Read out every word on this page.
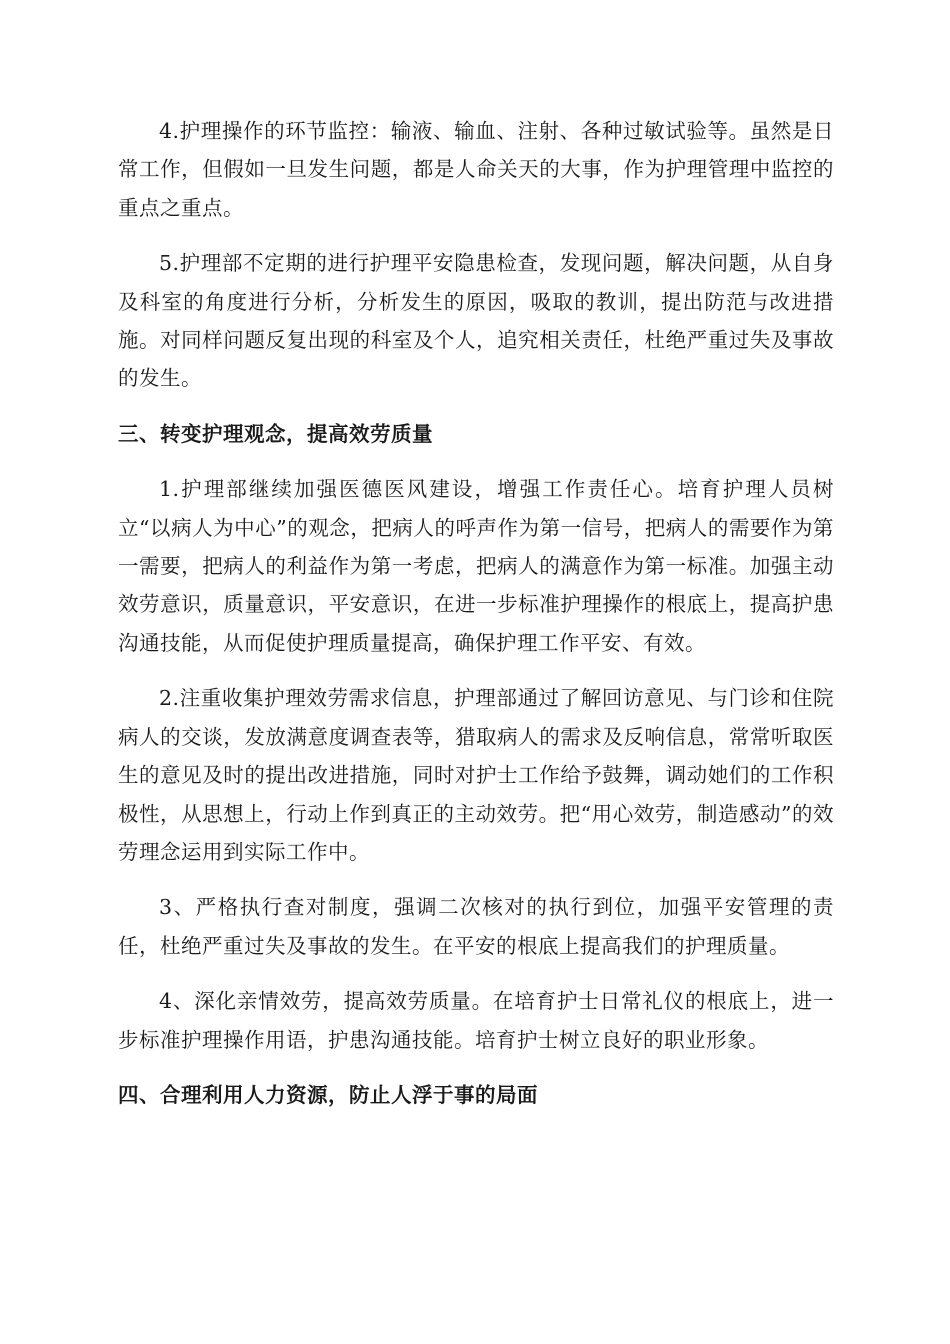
4.护理操作的环节监控：输液、输血、注射、各种过敏试验等。虽然是日常工作，但假如一旦发生问题，都是人命关天的大事，作为护理管理中监控的重点之重点。

5.护理部不定期的进行护理平安隐患检查，发现问题，解决问题，从自身及科室的角度进行分析，分析发生的原因，吸取的教训，提出防范与改进措施。对同样问题反复出现的科室及个人，追究相关责任，杜绝严重过失及事故的发生。

三、转变护理观念，提高效劳质量

1.护理部继续加强医德医风建设，增强工作责任心。培育护理人员树立“以病人为中心”的观念，把病人的呼声作为第一信号，把病人的需要作为第一需要，把病人的利益作为第一考虑，把病人的满意作为第一标准。加强主动效劳意识，质量意识，平安意识，在进一步标准护理操作的根底上，提高护患沟通技能，从而促使护理质量提高，确保护理工作平安、有效。

2.注重收集护理效劳需求信息，护理部通过了解回访意见、与门诊和住院病人的交谈，发放满意度调查表等，猎取病人的需求及反响信息，常常听取医生的意见及时的提出改进措施，同时对护士工作给予鼓舞，调动她们的工作积极性，从思想上，行动上作到真正的主动效劳。把“用心效劳，制造感动”的效劳理念运用到实际工作中。

3、严格执行查对制度，强调二次核对的执行到位，加强平安管理的责任，杜绝严重过失及事故的发生。在平安的根底上提高我们的护理质量。

4、深化亲情效劳，提高效劳质量。在培育护士日常礼仪的根底上，进一步标准护理操作用语，护患沟通技能。培育护士树立良好的职业形象。

四、合理利用人力资源，防止人浮于事的局面
